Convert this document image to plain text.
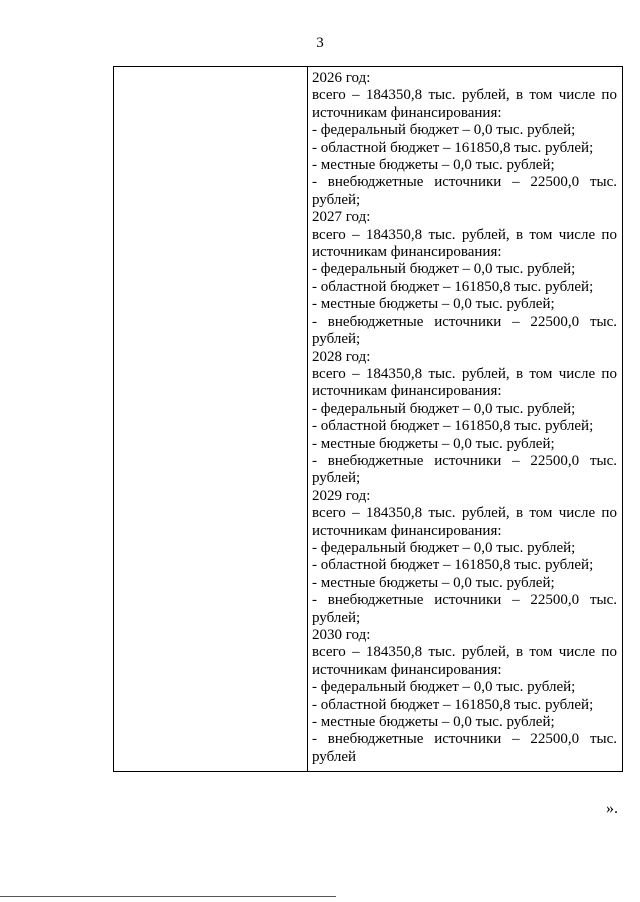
3
2026 год:
всего – 184350,8 тыс. рублей, в том числе по
источникам финансирования:
- федеральный бюджет – 0,0 тыс. рублей;
- областной бюджет – 161850,8 тыс. рублей;
- местные бюджеты – 0,0 тыс. рублей;
- внебюджетные источники – 22500,0 тыс.
рублей;
2027 год:
всего – 184350,8 тыс. рублей, в том числе по
источникам финансирования:
- федеральный бюджет – 0,0 тыс. рублей;
- областной бюджет – 161850,8 тыс. рублей;
- местные бюджеты – 0,0 тыс. рублей;
- внебюджетные источники – 22500,0 тыс.
рублей;
2028 год:
всего – 184350,8 тыс. рублей, в том числе по
источникам финансирования:
- федеральный бюджет – 0,0 тыс. рублей;
- областной бюджет – 161850,8 тыс. рублей;
- местные бюджеты – 0,0 тыс. рублей;
- внебюджетные источники – 22500,0 тыс.
рублей;
2029 год:
всего – 184350,8 тыс. рублей, в том числе по
источникам финансирования:
- федеральный бюджет – 0,0 тыс. рублей;
- областной бюджет – 161850,8 тыс. рублей;
- местные бюджеты – 0,0 тыс. рублей;
- внебюджетные источники – 22500,0 тыс.
рублей;
2030 год:
всего – 184350,8 тыс. рублей, в том числе по
источникам финансирования:
- федеральный бюджет – 0,0 тыс. рублей;
- областной бюджет – 161850,8 тыс. рублей;
- местные бюджеты – 0,0 тыс. рублей;
- внебюджетные источники – 22500,0 тыс.
рублей
».
